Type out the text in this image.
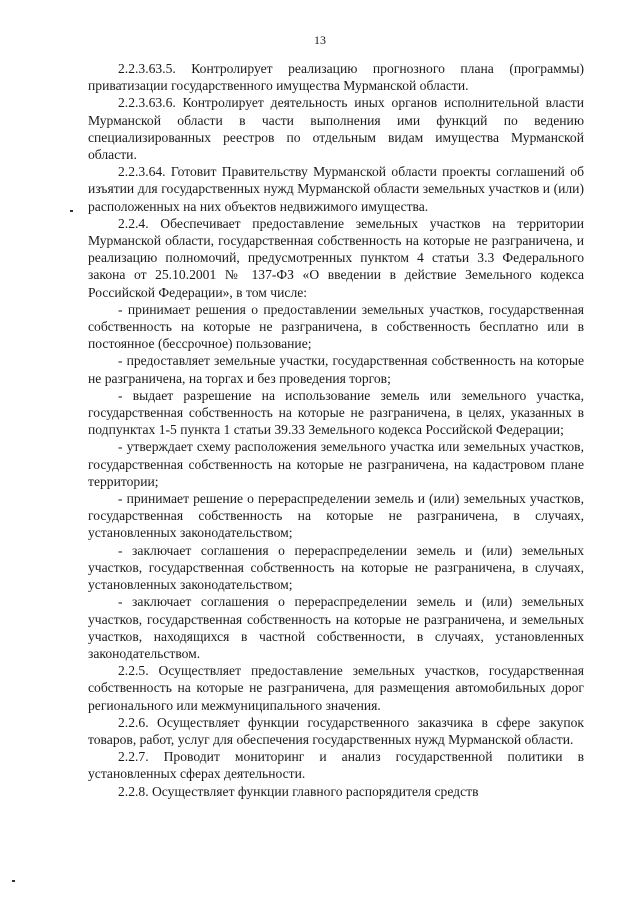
13

2.2.3.63.5. Контролирует реализацию прогнозного плана (программы) приватизации государственного имущества Мурманской области.

2.2.3.63.6. Контролирует деятельность иных органов исполнительной власти Мурманской области в части выполнения ими функций по ведению специализированных реестров по отдельным видам имущества Мурманской области.

2.2.3.64. Готовит Правительству Мурманской области проекты соглашений об изъятии для государственных нужд Мурманской области земельных участков и (или) расположенных на них объектов недвижимого имущества.

2.2.4. Обеспечивает предоставление земельных участков на территории Мурманской области, государственная собственность на которые не разграничена, и реализацию полномочий, предусмотренных пунктом 4 статьи 3.3 Федерального закона от 25.10.2001 № 137-ФЗ «О введении в действие Земельного кодекса Российской Федерации», в том числе:

- принимает решения о предоставлении земельных участков, государственная собственность на которые не разграничена, в собственность бесплатно или в постоянное (бессрочное) пользование;

- предоставляет земельные участки, государственная собственность на которые не разграничена, на торгах и без проведения торгов;

- выдает разрешение на использование земель или земельного участка, государственная собственность на которые не разграничена, в целях, указанных в подпунктах 1-5 пункта 1 статьи 39.33 Земельного кодекса Российской Федерации;

- утверждает схему расположения земельного участка или земельных участков, государственная собственность на которые не разграничена, на кадастровом плане территории;

- принимает решение о перераспределении земель и (или) земельных участков, государственная собственность на которые не разграничена, в случаях, установленных законодательством;

- заключает соглашения о перераспределении земель и (или) земельных участков, государственная собственность на которые не разграничена, в случаях, установленных законодательством;

- заключает соглашения о перераспределении земель и (или) земельных участков, государственная собственность на которые не разграничена, и земельных участков, находящихся в частной собственности, в случаях, установленных законодательством.

2.2.5. Осуществляет предоставление земельных участков, государственная собственность на которые не разграничена, для размещения автомобильных дорог регионального или межмуниципального значения.

2.2.6. Осуществляет функции государственного заказчика в сфере закупок товаров, работ, услуг для обеспечения государственных нужд Мурманской области.

2.2.7. Проводит мониторинг и анализ государственной политики в установленных сферах деятельности.

2.2.8. Осуществляет функции главного распорядителя средств
